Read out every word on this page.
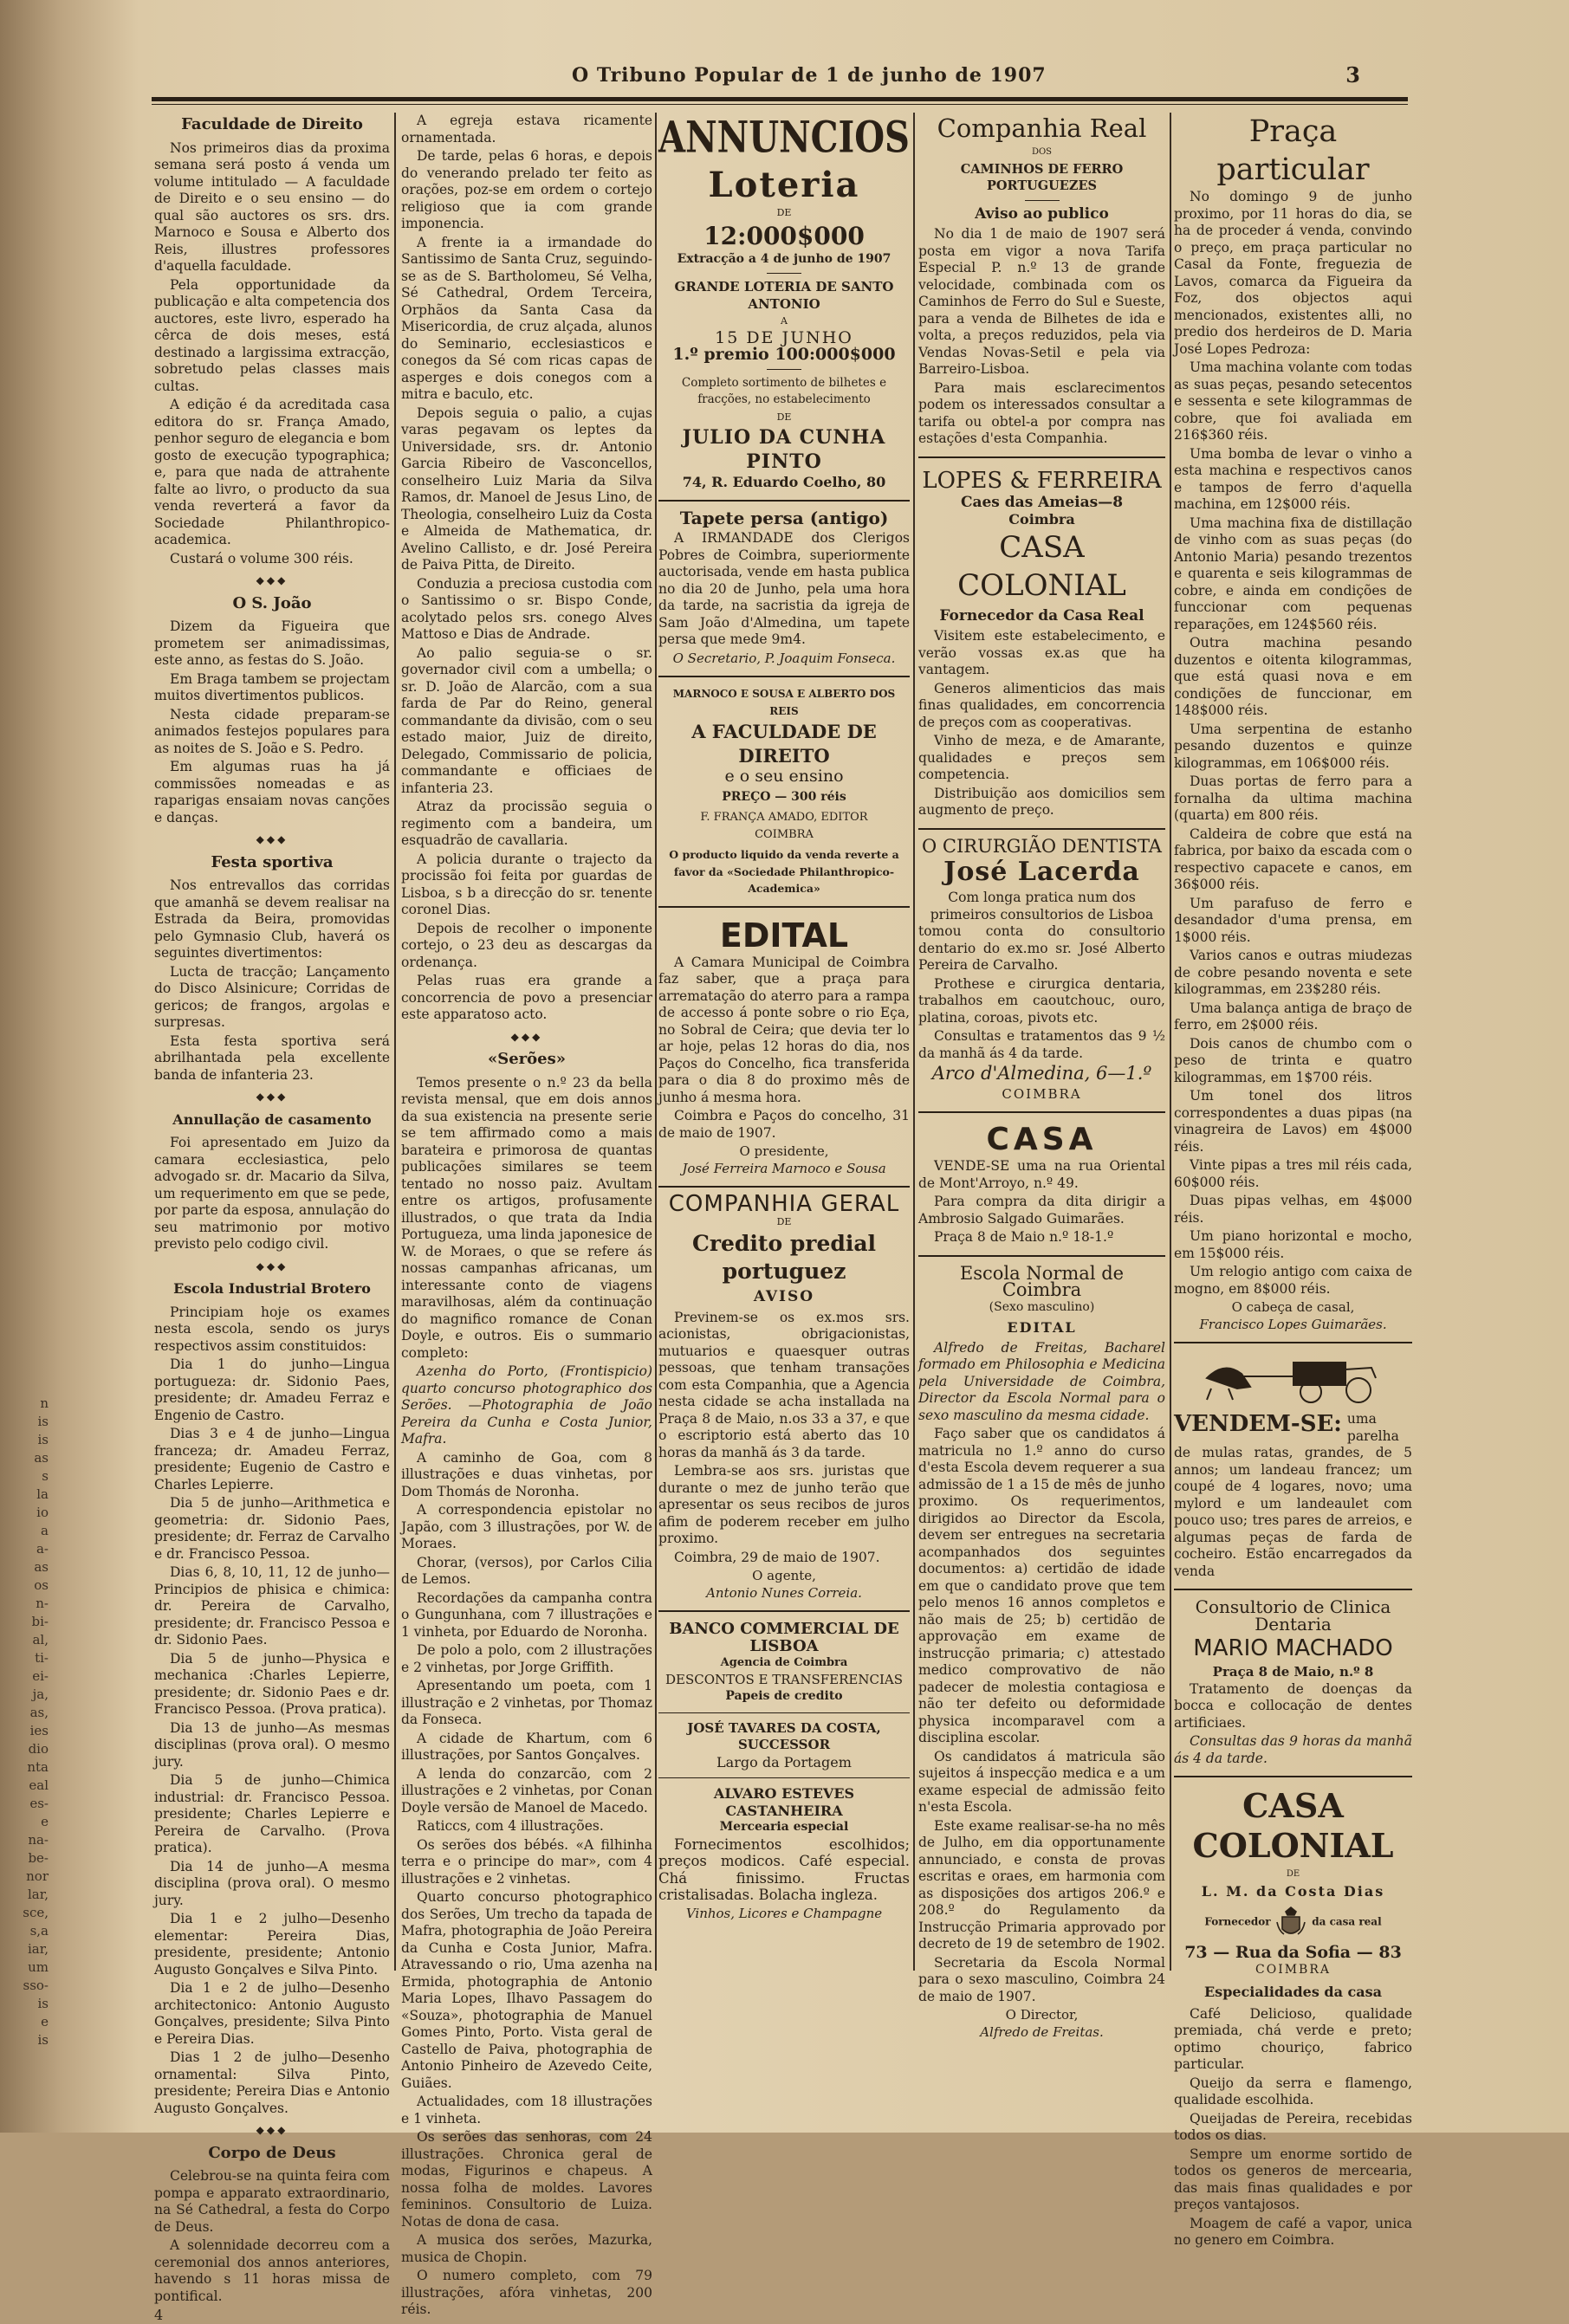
n
is
is
as
s
la
io
a
a-
as
os
n-
bi-
al,
ti-
ei-
ja,
as,
ies
dio
nta
eal
es-
e
na-
be-
nor
lar,
sce,
s,a
iar,
um
sso-
is
e
is
O Tribuno Popular de 1 de junho de 1907	3
Faculdade de Direito

Nos primeiros dias da proxima semana será posto á venda um volume intitulado — A faculdade de Direito e o seu ensino — do qual são auctores os srs. drs. Marnoco e Sousa e Alberto dos Reis, illustres professores d'aquella faculdade.

Pela opportunidade da publicação e alta competencia dos auctores, este livro, esperado ha cêrca de dois meses, está destinado a largissima extracção, sobretudo pelas classes mais cultas.

A edição é da acreditada casa editora do sr. França Amado, penhor seguro de elegancia e bom gosto de execução typographica; e, para que nada de attrahente falte ao livro, o producto da sua venda reverterá a favor da Sociedade Philanthropico-academica.

Custará o volume 300 réis.

◆◆◆
O S. João

Dizem da Figueira que prometem ser animadissimas, este anno, as festas do S. João.

Em Braga tambem se projectam muitos divertimentos publicos.

Nesta cidade preparam-se animados festejos populares para as noites de S. João e S. Pedro.

Em algumas ruas ha já commissões nomeadas e as raparigas ensaiam novas canções e danças.

◆◆◆
Festa sportiva

Nos entrevallos das corridas que amanhã se devem realisar na Estrada da Beira, promovidas pelo Gymnasio Club, haverá os seguintes divertimentos:

Lucta de tracção; Lançamento do Disco Alsinicure; Corridas de gericos; de frangos, argolas e surpresas.

Esta festa sportiva será abrilhantada pela excellente banda de infanteria 23.

◆◆◆
Annullação de casamento

Foi apresentado em Juizo da camara ecclesiastica, pelo advogado sr. dr. Macario da Silva, um requerimento em que se pede, por parte da esposa, annulação do seu matrimonio por motivo previsto pelo codigo civil.

◆◆◆
Escola Industrial Brotero

Principiam hoje os exames nesta escola, sendo os jurys respectivos assim constituidos:

Dia 1 do junho—Lingua portugueza: dr. Sidonio Paes, presidente; dr. Amadeu Ferraz e Engenio de Castro.

Dias 3 e 4 de junho—Lingua franceza; dr. Amadeu Ferraz, presidente; Eugenio de Castro e Charles Lepierre.

Dia 5 de junho—Arithmetica e geometria: dr. Sidonio Paes, presidente; dr. Ferraz de Carvalho e dr. Francisco Pessoa.

Dias 6, 8, 10, 11, 12 de junho—Principios de phisica e chimica: dr. Pereira de Carvalho, presidente; dr. Francisco Pessoa e dr. Sidonio Paes.

Dia 5 de junho—Physica e mechanica :Charles Lepierre, presidente; dr. Sidonio Paes e dr. Francisco Pessoa. (Prova pratica).

Dia 13 de junho—As mesmas disciplinas (prova oral). O mesmo jury.

Dia 5 de junho—Chimica industrial: dr. Francisco Pessoa. presidente; Charles Lepierre e Pereira de Carvalho. (Prova pratica).

Dia 14 de junho—A mesma disciplina (prova oral). O mesmo jury.

Dia 1 e 2 julho—Desenho elementar: Pereira Dias, presidente, presidente; Antonio Augusto Gonçalves e Silva Pinto.

Dia 1 e 2 de julho—Desenho architectonico: Antonio Augusto Gonçalves, presidente; Silva Pinto e Pereira Dias.

Dias 1 2 de julho—Desenho ornamental: Silva Pinto, presidente; Pereira Dias e Antonio Augusto Gonçalves.

◆◆◆
Corpo de Deus

Celebrou-se na quinta feira com pompa e apparato extraordinario, na Sé Cathedral, a festa do Corpo de Deus.

A solennidade decorreu com a ceremonial dos annos anteriores, havendo s 11 horas missa de pontifical.

4

A egreja estava ricamente ornamentada.

De tarde, pelas 6 horas, e depois do venerando prelado ter feito as orações, poz-se em ordem o cortejo religioso que ia com grande imponencia.

A frente ia a irmandade do Santissimo de Santa Cruz, seguindo-se as de S. Bartholomeu, Sé Velha, Sé Cathedral, Ordem Terceira, Orphãos da Santa Casa da Misericordia, de cruz alçada, alunos do Seminario, ecclesiasticos e conegos da Sé com ricas capas de asperges e dois conegos com a mitra e baculo, etc.

Depois seguia o palio, a cujas varas pegavam os leptes da Universidade, srs. dr. Antonio Garcia Ribeiro de Vasconcellos, conselheiro Luiz Maria da Silva Ramos, dr. Manoel de Jesus Lino, de Theologia, conselheiro Luiz da Costa e Almeida de Mathematica, dr. Avelino Callisto, e dr. José Pereira de Paiva Pitta, de Direito.

Conduzia a preciosa custodia com o Santissimo o sr. Bispo Conde, acolytado pelos srs. conego Alves Mattoso e Dias de Andrade.

Ao palio seguia-se o sr. governador civil com a umbella; o sr. D. João de Alarcão, com a sua farda de Par do Reino, general commandante da divisão, com o seu estado maior, Juiz de direito, Delegado, Commissario de policia, commandante e officiaes de infanteria 23.

Atraz da procissão seguia o regimento com a bandeira, um esquadrão de cavallaria.

A policia durante o trajecto da procissão foi feita por guardas de Lisboa, s b a direcção do sr. tenente coronel Dias.

Depois de recolher o imponente cortejo, o 23 deu as descargas da ordenança.

Pelas ruas era grande a concorrencia de povo a presenciar este apparatoso acto.

◆◆◆
«Serões»

Temos presente o n.º 23 da bella revista mensal, que em dois annos da sua existencia na presente serie se tem affirmado como a mais barateira e primorosa de quantas publicações similares se teem tentado no nosso paiz. Avultam entre os artigos, profusamente illustrados, o que trata da India Portugueza, uma linda japonesice de W. de Moraes, o que se refere ás nossas campanhas africanas, um interessante conto de viagens maravilhosas, além da continuação do magnifico romance de Conan Doyle, e outros. Eis o summario completo:

Azenha do Porto, (Frontispicio) quarto concurso photographico dos Serões. —Photographia de João Pereira da Cunha e Costa Junior, Mafra.

A caminho de Goa, com 8 illustrações e duas vinhetas, por Dom Thomás de Noronha.

A correspondencia epistolar no Japão, com 3 illustrações, por W. de Moraes.

Chorar, (versos), por Carlos Cilia de Lemos.

Recordações da campanha contra o Gungunhana, com 7 illustrações e 1 vinheta, por Eduardo de Noronha.

De polo a polo, com 2 illustrações e 2 vinhetas, por Jorge Griffith.

Apresentando um poeta, com 1 illustração e 2 vinhetas, por Thomaz da Fonseca.

A cidade de Khartum, com 6 illustrações, por Santos Gonçalves.

A lenda do conzarcão, com 2 illustrações e 2 vinhetas, por Conan Doyle versão de Manoel de Macedo.

Raticcs, com 4 illustrações.

Os serões dos bébés. «A filhinha terra e o principe do mar», com 4 illustrações e 2 vinhetas.

Quarto concurso photographico dos Serões, Um trecho da tapada de Mafra, photographia de João Pereira da Cunha e Costa Junior, Mafra. Atravessando o rio, Uma azenha na Ermida, photographia de Antonio Maria Lopes, Ilhavo Passagem do «Souza», photographia de Manuel Gomes Pinto, Porto. Vista geral de Castello de Paiva, photographia de Antonio Pinheiro de Azevedo Ceite, Guiães.

Actualidades, com 18 illustrações e 1 vinheta.

Os serões das senhoras, com 24 illustrações. Chronica geral de modas, Figurinos e chapeus. A nossa folha de moldes. Lavores femininos. Consultorio de Luiza. Notas de dona de casa.

A musica dos serões, Mazurka, musica de Chopin.

O numero completo, com 79 illustrações, afóra vinhetas, 200 réis.

ANNUNCIOS
Loteria
DE
12:000$000
Extracção a 4 de junho de 1907
GRANDE LOTERIA DE SANTO ANTONIO
A
15 DE JUNHO
1.º premio 100:000$000
Completo sortimento de bilhetes e fracções, no estabelecimento
DE
JULIO DA CUNHA PINTO
74, R. Eduardo Coelho, 80
Tapete persa (antigo)

A IRMANDADE dos Clerigos Pobres de Coimbra, superiormente auctorisada, vende em hasta publica no dia 20 de Junho, pela uma hora da tarde, na sacristia da igreja de Sam João d'Almedina, um tapete persa que mede 9m4.

O Secretario, P. Joaquim Fonseca.
MARNOCO E SOUSA E ALBERTO DOS REIS
A FACULDADE DE DIREITO
e o seu ensino
PREÇO — 300 réis
F. FRANÇA AMADO, EDITOR
COIMBRA
O producto liquido da venda reverte a favor da «Sociedade Philanthropico-Academica»
EDITAL

A Camara Municipal de Coimbra faz saber, que a praça para arrematação do aterro para a rampa de accesso á ponte sobre o rio Eça, no Sobral de Ceira; que devia ter lo ar hoje, pelas 12 horas do dia, nos Paços do Concelho, fica transferida para o dia 8 do proximo mês de junho á mesma hora.

Coimbra e Paços do concelho, 31 de maio de 1907.

O presidente,
José Ferreira Marnoco e Sousa
COMPANHIA GERAL
DE
Credito predial portuguez
AVISO

Previnem-se os ex.mos srs. acionistas, obrigacionistas, mutuarios e quaesquer outras pessoas, que tenham transações com esta Companhia, que a Agencia nesta cidade se acha installada na Praça 8 de Maio, n.os 33 a 37, e que o escriptorio está aberto das 10 horas da manhã ás 3 da tarde.

Lembra-se aos srs. juristas que durante o mez de junho terão que apresentar os seus recibos de juros afim de poderem receber em julho proximo.

Coimbra, 29 de maio de 1907.

O agente,
Antonio Nunes Correia.
BANCO COMMERCIAL DE LISBOA
Agencia de Coimbra
DESCONTOS E TRANSFERENCIAS
Papeis de credito
JOSÉ TAVARES DA COSTA, SUCCESSOR
Largo da Portagem
ALVARO ESTEVES CASTANHEIRA
Mercearia especial

Fornecimentos escolhidos; preços modicos. Café especial. Chá finissimo. Fructas cristalisadas. Bolacha ingleza.

Vinhos, Licores e Champagne
Companhia Real
DOS
CAMINHOS DE FERRO PORTUGUEZES
Aviso ao publico

No dia 1 de maio de 1907 será posta em vigor a nova Tarifa Especial P. n.º 13 de grande velocidade, combinada com os Caminhos de Ferro do Sul e Sueste, para a venda de Bilhetes de ida e volta, a preços reduzidos, pela via Vendas Novas-Setil e pela via Barreiro-Lisboa.

Para mais esclarecimentos podem os interessados consultar a tarifa ou obtel-a por compra nas estações d'esta Companhia.

LOPES & FERREIRA
Caes das Ameias—8
Coimbra
CASA COLONIAL
Fornecedor da Casa Real

Visitem este estabelecimento, e verão vossas ex.as que ha vantagem.

Generos alimenticios das mais finas qualidades, em concorrencia de preços com as cooperativas.

Vinho de meza, e de Amarante, qualidades e preços sem competencia.

Distribuição aos domicilios sem augmento de preço.

O CIRURGIÃO DENTISTA
José Lacerda
Com longa pratica num dos primeiros consultorios de Lisboa

tomou conta do consultorio dentario do ex.mo sr. José Alberto Pereira de Carvalho.

Prothese e cirurgica dentaria, trabalhos em caoutchouc, ouro, platina, coroas, pivots etc.

Consultas e tratamentos das 9 ½ da manhã ás 4 da tarde.

Arco d'Almedina, 6—1.º
COIMBRA
CASA

VENDE-SE uma na rua Oriental de Mont'Arroyo, n.º 49.

Para compra da dita dirigir a Ambrosio Salgado Guimarães.

Praça 8 de Maio n.º 18-1.º

Escola Normal de Coimbra
(Sexo masculino)
EDITAL

Alfredo de Freitas, Bacharel formado em Philosophia e Medicina pela Universidade de Coimbra, Director da Escola Normal para o sexo masculino da mesma cidade.

Faço saber que os candidatos á matricula no 1.º anno do curso d'esta Escola devem requerer a sua admissão de 1 a 15 de mês de junho proximo. Os requerimentos, dirigidos ao Director da Escola, devem ser entregues na secretaria acompanhados dos seguintes documentos: a) certidão de idade em que o candidato prove que tem pelo menos 16 annos completos e não mais de 25; b) certidão de approvação em exame de instrucção primaria; c) attestado medico comprovativo de não padecer de molestia contagiosa e não ter defeito ou deformidade physica incomparavel com a disciplina escolar.

Os candidatos á matricula são sujeitos á inspecção medica e a um exame especial de admissão feito n'esta Escola.

Este exame realisar-se-ha no mês de Julho, em dia opportunamente annunciado, e consta de provas escritas e oraes, em harmonia com as disposições dos artigos 206.º e 208.º do Regulamento da Instrucção Primaria approvado por decreto de 19 de setembro de 1902.

Secretaria da Escola Normal para o sexo masculino, Coimbra 24 de maio de 1907.

O Director,
Alfredo de Freitas.
Praça particular

No domingo 9 de junho proximo, por 11 horas do dia, se ha de proceder á venda, convindo o preço, em praça particular no Casal da Fonte, freguezia de Lavos, comarca da Figueira da Foz, dos objectos aqui mencionados, existentes alli, no predio dos herdeiros de D. Maria José Lopes Pedroza:

Uma machina volante com todas as suas peças, pesando setecentos e sessenta e sete kilogrammas de cobre, que foi avaliada em 216$360 réis.

Uma bomba de levar o vinho a esta machina e respectivos canos e tampos de ferro d'aquella machina, em 12$000 réis.

Uma machina fixa de distillação de vinho com as suas peças (do Antonio Maria) pesando trezentos e quarenta e seis kilogrammas de cobre, e ainda em condições de funccionar com pequenas reparações, em 124$560 réis.

Outra machina pesando duzentos e oitenta kilogrammas, que está quasi nova e em condições de funccionar, em 148$000 réis.

Uma serpentina de estanho pesando duzentos e quinze kilogrammas, em 106$000 réis.

Duas portas de ferro para a fornalha da ultima machina (quarta) em 800 réis.

Caldeira de cobre que está na fabrica, por baixo da escada com o respectivo capacete e canos, em 36$000 réis.

Um parafuso de ferro e desandador d'uma prensa, em 1$000 réis.

Varios canos e outras miudezas de cobre pesando noventa e sete kilogrammas, em 23$280 réis.

Uma balança antiga de braço de ferro, em 2$000 réis.

Dois canos de chumbo com o peso de trinta e quatro kilogrammas, em 1$700 réis.

Um tonel dos litros correspondentes a duas pipas (na vinagreira de Lavos) em 4$000 réis.

Vinte pipas a tres mil réis cada, 60$000 réis.

Duas pipas velhas, em 4$000 réis.

Um piano horizontal e mocho, em 15$000 réis.

Um relogio antigo com caixa de mogno, em 8$000 réis.

O cabeça de casal,
Francisco Lopes Guimarães.
VENDEM-SE: uma parelha de mulas ratas, grandes, de 5 annos; um landeau francez; um coupé de 4 logares, novo; uma mylord e um landeaulet com pouco uso; tres pares de arreios, e algumas peças de farda de cocheiro. Estão encarregados da venda
Consultorio de Clinica Dentaria
MARIO MACHADO
Praça 8 de Maio, n.º 8

Tratamento de doenças da bocca e collocação de dentes artificiaes.

Consultas das 9 horas da manhã ás 4 da tarde.

CASA COLONIAL
DE
L. M. da Costa Dias
Fornecedor	da casa real
73 — Rua da Sofia — 83
COIMBRA
Especialidades da casa

Café Delicioso, qualidade premiada, chá verde e preto; optimo chouriço, fabrico particular.

Queijo da serra e flamengo, qualidade escolhida.

Queijadas de Pereira, recebidas todos os dias.

Sempre um enorme sortido de todos os generos de mercearia, das mais finas qualidades e por preços vantajosos.

Moagem de café a vapor, unica no genero em Coimbra.
